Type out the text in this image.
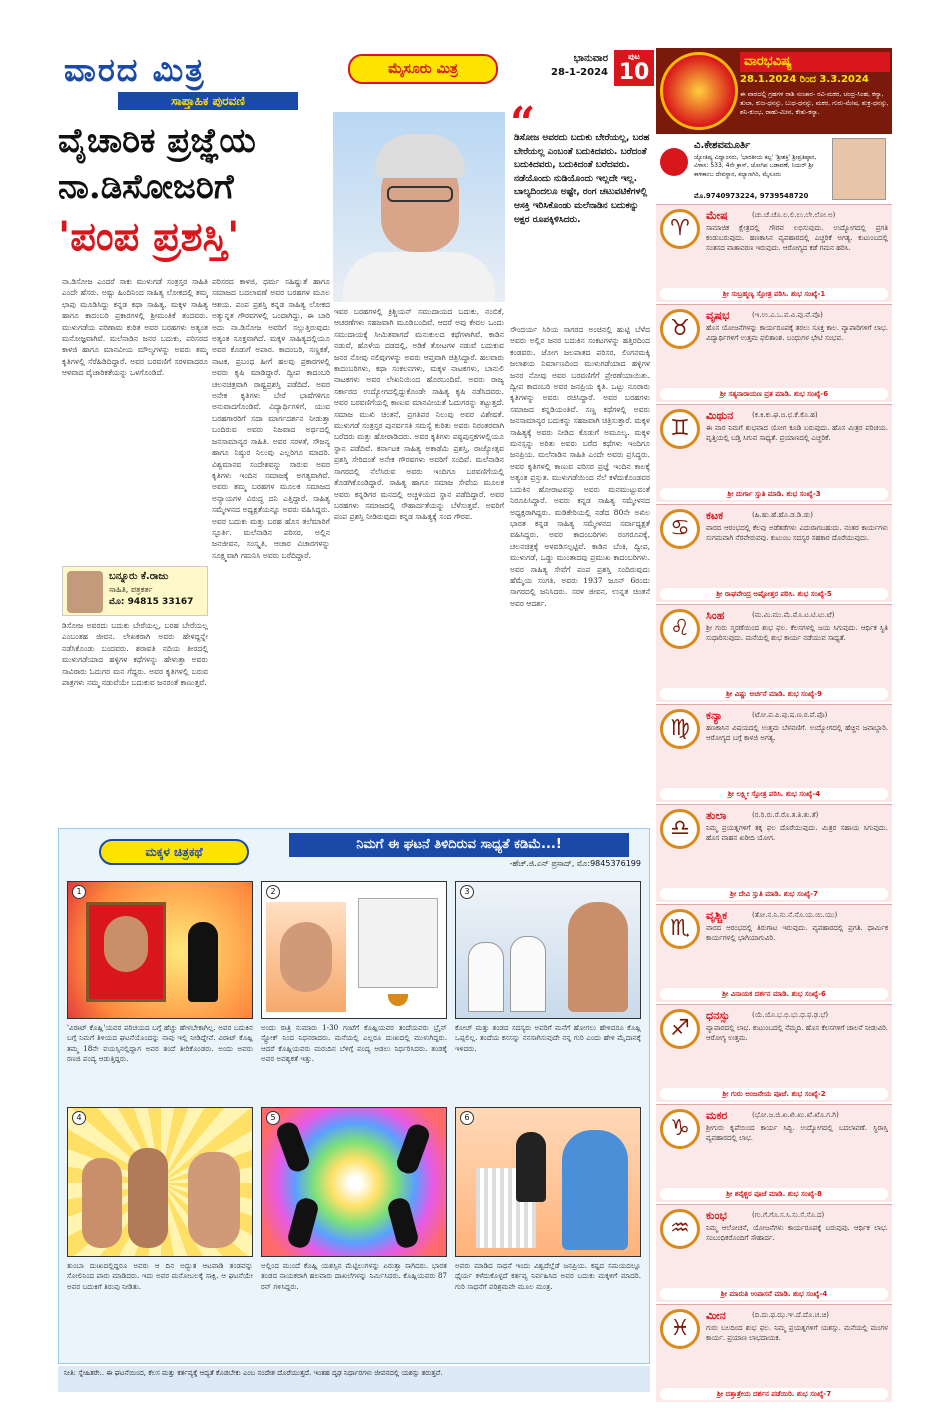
ವಾರದ ಮಿತ್ರ
ಸಾಪ್ತಾಹಿಕ ಪುರವಣಿ
ಮೈಸೂರು ಮಿತ್ರ
ಭಾನುವಾರ
28-1-2024
ಪುಟ
10
ವೈಚಾರಿಕ ಪ್ರಜ್ಞೆಯ
ನಾ.ಡಿಸೋಜರಿಗೆ
'ಪಂಪ ಪ್ರಶಸ್ತಿ'
“
ಡಿಸೋಜ ಅವರದು ಬದುಕು ಬೇರೆಯಲ್ಲ, ಬರಹ ಬೇರೆಯಲ್ಲ ಎಂಬಂತೆ ಬದುಕಿದವರು. ಬರೆದಂತೆ ಬದುಕಿದವರು, ಬದುಕಿದಂತೆ ಬರೆದವರು. ನಡೆಯೊಂದು ನುಡಿಯೊಂದು ಇಲ್ಲದೇ ಇಲ್ಲ. ಬಾಲ್ಯದಿಂದಲೂ ಅಷ್ಟೇ, ರಂಗ ಚಟುವಟಿಕೆಗಳಲ್ಲಿ ಆಸಕ್ತಿ ಇರಿಸಿಕೊಂಡು ಮಲೆನಾಡಿನ ಬದುಕನ್ನು ಅಕ್ಷರ ರೂಪಕ್ಕಿಳಿಸಿದರು.
ನಾ.ಡಿಸೋಜ ಎಂದರೆ ಸಾಕು ಮುಳುಗಡೆ ಸಂತ್ರಸ್ತರ ಸಾಹಿತಿ ಎಂದೇ ಹೆಸರು. ಅಷ್ಟು ಹಿಂದಿನಿಂದ ಸಾಹಿತ್ಯ ಲೋಕದಲ್ಲಿ ತಮ್ಮ ಛಾಪು ಮೂಡಿಸಿದ್ದು ಕನ್ನಡ ಕಥಾ ಸಾಹಿತ್ಯ, ಮಕ್ಕಳ ಸಾಹಿತ್ಯ ಹಾಗೂ ಕಾದಂಬರಿ ಪ್ರಕಾರಗಳಲ್ಲಿ ಶ್ರೀಮಂತಿಕೆ ತಂದವರು. ಮುಳುಗಡೆಯ ಪರಿಣಾಮ ಕುರಿತ ಅವರ ಬರಹಗಳು ಅತ್ಯಂತ ಮನೋಜ್ಞವಾಗಿವೆ. ಮಲೆನಾಡಿನ ಜನರ ಬದುಕು, ಪರಿಸರದ ಕಾಳಜಿ ಹಾಗೂ ಮಾನವೀಯ ಮೌಲ್ಯಗಳನ್ನು ಅವರು ತಮ್ಮ ಕೃತಿಗಳಲ್ಲಿ ಸೆರೆಹಿಡಿದಿದ್ದಾರೆ. ಅವರ ಬರವಣಿಗೆ ಸರಳವಾದರೂ ಆಳವಾದ ವೈಚಾರಿಕತೆಯನ್ನು ಒಳಗೊಂಡಿದೆ.
ಬನ್ನೂರು ಕೆ.ರಾಜು
ಸಾಹಿತಿ, ಪತ್ರಕರ್ತ
ಮೊ: 94815 33167
ಡಿಸೋಜ ಅವರದು ಬದುಕು ಬೇರೆಯಲ್ಲ, ಬರಹ ಬೇರೆಯಲ್ಲ ಎಂಬಂತಹ ಜೀವನ. ಲೇಖಕರಾಗಿ ಅವರು ಹೇಳಿದ್ದನ್ನೇ ನಡೆಸಿಕೊಂಡು ಬಂದವರು. ಶರಾವತಿ ನದಿಯ ತೀರದಲ್ಲಿ ಮುಳುಗಡೆಯಾದ ಹಳ್ಳಿಗಳ ಕಥೆಗಳನ್ನು ಹೇಳುತ್ತಾ ಅವರು ಸಾವಿರಾರು ಓದುಗರ ಮನ ಗೆದ್ದರು. ಅವರ ಕೃತಿಗಳಲ್ಲಿ ಬರುವ ಪಾತ್ರಗಳು ನಮ್ಮ ನಡುವೆಯೇ ಬದುಕುವ ಜನರಂತೆ ಕಾಣುತ್ತವೆ.
ಪರಿಸರದ ಕಾಳಜಿ, ಧರ್ಮ ಸಹಿಷ್ಣುತೆ ಹಾಗೂ ಸಮಾಜದ ಬದಲಾವಣೆ ಅವರ ಬರಹಗಳ ಮೂಲ ಆಶಯ. ಪಂಪ ಪ್ರಶಸ್ತಿ ಕನ್ನಡ ಸಾಹಿತ್ಯ ಲೋಕದ ಅತ್ಯುನ್ನತ ಗೌರವಗಳಲ್ಲಿ ಒಂದಾಗಿದ್ದು, ಈ ಬಾರಿ ಅದು ನಾ.ಡಿಸೋಜ ಅವರಿಗೆ ಸಲ್ಲುತ್ತಿರುವುದು ಅತ್ಯಂತ ಸೂಕ್ತವಾಗಿದೆ. ಮಕ್ಕಳ ಸಾಹಿತ್ಯದಲ್ಲಿಯೂ ಅವರ ಕೊಡುಗೆ ಅಪಾರ. ಕಾದಂಬರಿ, ಸಣ್ಣಕತೆ, ನಾಟಕ, ಪ್ರಬಂಧ ಹೀಗೆ ಹಲವು ಪ್ರಕಾರಗಳಲ್ಲಿ ಅವರು ಕೃಷಿ ಮಾಡಿದ್ದಾರೆ. ದ್ವೀಪ ಕಾದಂಬರಿ ಚಲನಚಿತ್ರವಾಗಿ ರಾಷ್ಟ್ರಪ್ರಶಸ್ತಿ ಪಡೆದಿದೆ. ಅವರ ಅನೇಕ ಕೃತಿಗಳು ಬೇರೆ ಭಾಷೆಗಳಿಗೂ ಅನುವಾದಗೊಂಡಿವೆ. ವಿದ್ಯಾರ್ಥಿಗಳಿಗೆ, ಯುವ ಬರಹಗಾರರಿಗೆ ಸದಾ ಮಾರ್ಗದರ್ಶನ ನೀಡುತ್ತಾ ಬಂದಿರುವ ಅವರು ನಿಜವಾದ ಅರ್ಥದಲ್ಲಿ ಜನಸಾಮಾನ್ಯರ ಸಾಹಿತಿ. ಅವರ ಸರಳತೆ, ಸೌಜನ್ಯ ಹಾಗೂ ನಿಷ್ಠುರ ನಿಲುವು ಎಲ್ಲರಿಗೂ ಮಾದರಿ. ವಿಶ್ವಮಾನವ ಸಂದೇಶವನ್ನು ಸಾರುವ ಅವರ ಕೃತಿಗಳು ಇಂದಿನ ಸಮಾಜಕ್ಕೆ ಅಗತ್ಯವಾಗಿವೆ. ಅವರು ತಮ್ಮ ಬರಹಗಳ ಮೂಲಕ ಸಮಾಜದ ಅನ್ಯಾಯಗಳ ವಿರುದ್ಧ ದನಿ ಎತ್ತಿದ್ದಾರೆ. ಸಾಹಿತ್ಯ ಸಮ್ಮೇಳನದ ಅಧ್ಯಕ್ಷತೆಯನ್ನೂ ಅವರು ವಹಿಸಿದ್ದರು. ಅವರ ಬದುಕು ಮತ್ತು ಬರಹ ಹೊಸ ತಲೆಮಾರಿಗೆ ಸ್ಫೂರ್ತಿ. ಮಲೆನಾಡಿನ ಪರಿಸರ, ಅಲ್ಲಿನ ಜನಜೀವನ, ಸಂಸ್ಕೃತಿ, ಆಚಾರ ವಿಚಾರಗಳನ್ನು ಸೂಕ್ಷ್ಮವಾಗಿ ಗಮನಿಸಿ ಅವರು ಬರೆದಿದ್ದಾರೆ.
ಇವರ ಬರಹಗಳಲ್ಲಿ ಕ್ರಿಶ್ಚಿಯನ್ ಸಮುದಾಯದ ಬದುಕು, ನಂಬಿಕೆ, ಆಚರಣೆಗಳು ಸಹಜವಾಗಿ ಮೂಡಿಬಂದಿವೆ. ಆದರೆ ಅವು ಕೇವಲ ಒಂದು ಸಮುದಾಯಕ್ಕೆ ಸೀಮಿತವಾಗದೆ ಮನುಕುಲದ ಕಥೆಗಳಾಗಿವೆ. ಕಾಡಿನ ನಡುವೆ, ಹೊಳೆಯ ದಡದಲ್ಲಿ, ಅಡಿಕೆ ತೋಟಗಳ ನಡುವೆ ಬದುಕುವ ಜನರ ನೋವು ನಲಿವುಗಳನ್ನು ಅವರು ಆಪ್ತವಾಗಿ ಚಿತ್ರಿಸಿದ್ದಾರೆ. ಹಲವಾರು ಕಾದಂಬರಿಗಳು, ಕಥಾ ಸಂಕಲನಗಳು, ಮಕ್ಕಳ ನಾಟಕಗಳು, ಬಾನುಲಿ ನಾಟಕಗಳು ಅವರ ಲೇಖನಿಯಿಂದ ಹೊರಬಂದಿವೆ. ಅವರು ರಾಜ್ಯ ಸರ್ಕಾರದ ಉದ್ಯೋಗದಲ್ಲಿದ್ದುಕೊಂಡೇ ಸಾಹಿತ್ಯ ಕೃಷಿ ನಡೆಸಿದವರು. ಅವರ ಬರವಣಿಗೆಯಲ್ಲಿ ಕಾಣುವ ಮಾನವೀಯತೆ ಓದುಗರನ್ನು ತಟ್ಟುತ್ತದೆ. ಸಮಾಜ ಮುಖಿ ಚಿಂತನೆ, ಪ್ರಗತಿಪರ ನಿಲುವು ಅವರ ವಿಶೇಷತೆ. ಮುಳುಗಡೆ ಸಂತ್ರಸ್ತರ ಪುನರ್ವಸತಿ ಸಮಸ್ಯೆ ಕುರಿತು ಅವರು ನಿರಂತರವಾಗಿ ಬರೆದರು ಮತ್ತು ಹೋರಾಡಿದರು. ಅವರ ಕೃತಿಗಳು ಪಠ್ಯಪುಸ್ತಕಗಳಲ್ಲಿಯೂ ಸ್ಥಾನ ಪಡೆದಿವೆ. ಕರ್ನಾಟಕ ಸಾಹಿತ್ಯ ಅಕಾಡೆಮಿ ಪ್ರಶಸ್ತಿ, ರಾಜ್ಯೋತ್ಸವ ಪ್ರಶಸ್ತಿ ಸೇರಿದಂತೆ ಅನೇಕ ಗೌರವಗಳು ಅವರಿಗೆ ಸಂದಿವೆ. ಮಲೆನಾಡಿನ ಸಾಗರದಲ್ಲಿ ನೆಲೆಸಿರುವ ಅವರು ಇಂದಿಗೂ ಬರವಣಿಗೆಯಲ್ಲಿ ತೊಡಗಿಕೊಂಡಿದ್ದಾರೆ. ಸಾಹಿತ್ಯ ಹಾಗೂ ಸಮಾಜ ಸೇವೆಯ ಮೂಲಕ ಅವರು ಕನ್ನಡಿಗರ ಮನದಲ್ಲಿ ಅಚ್ಚಳಿಯದ ಸ್ಥಾನ ಪಡೆದಿದ್ದಾರೆ. ಅವರ ಬರಹಗಳು ಸಮಾಜದಲ್ಲಿ ಸೌಹಾರ್ದತೆಯನ್ನು ಬೆಳೆಸುತ್ತವೆ. ಅವರಿಗೆ ಪಂಪ ಪ್ರಶಸ್ತಿ ನೀಡಿರುವುದು ಕನ್ನಡ ಸಾಹಿತ್ಯಕ್ಕೆ ಸಂದ ಗೌರವ.
ಸೌಂದರ್ಯ ಸಿರಿಯ ಸಾಗರದ ಅಂಚಿನಲ್ಲಿ ಹುಟ್ಟಿ ಬೆಳೆದ ಅವರು ಅಲ್ಲಿನ ಜನರ ಬದುಕಿನ ಸಂಕಟಗಳನ್ನು ಹತ್ತಿರದಿಂದ ಕಂಡವರು. ಜೋಗ ಜಲಪಾತದ ಪರಿಸರ, ಲಿಂಗನಮಕ್ಕಿ ಜಲಾಶಯ ನಿರ್ಮಾಣದಿಂದ ಮುಳುಗಡೆಯಾದ ಹಳ್ಳಿಗಳ ಜನರ ನೋವು ಅವರ ಬರವಣಿಗೆಗೆ ಪ್ರೇರಣೆಯಾಯಿತು. ದ್ವೀಪ ಕಾದಂಬರಿ ಅವರ ಜನಪ್ರಿಯ ಕೃತಿ. ಒಟ್ಟು ನೂರಾರು ಕೃತಿಗಳನ್ನು ಅವರು ರಚಿಸಿದ್ದಾರೆ. ಅವರ ಬರಹಗಳು ಸಮಾಜದ ಕನ್ನಡಿಯಂತಿವೆ. ಸಣ್ಣ ಕಥೆಗಳಲ್ಲಿ ಅವರು ಜನಸಾಮಾನ್ಯರ ಬದುಕನ್ನು ಸಹಜವಾಗಿ ಚಿತ್ರಿಸುತ್ತಾರೆ. ಮಕ್ಕಳ ಸಾಹಿತ್ಯಕ್ಕೆ ಅವರು ನೀಡಿದ ಕೊಡುಗೆ ಅಮೂಲ್ಯ. ಮಕ್ಕಳ ಮನಸ್ಸನ್ನು ಅರಿತು ಅವರು ಬರೆದ ಕಥೆಗಳು ಇಂದಿಗೂ ಜನಪ್ರಿಯ. ಮಲೆನಾಡಿನ ಸಾಹಿತಿ ಎಂದೇ ಅವರು ಪ್ರಸಿದ್ಧರು. ಅವರ ಕೃತಿಗಳಲ್ಲಿ ಕಾಣುವ ಪರಿಸರ ಪ್ರಜ್ಞೆ ಇಂದಿನ ಕಾಲಕ್ಕೆ ಅತ್ಯಂತ ಪ್ರಸ್ತುತ. ಮುಳುಗಡೆಯಿಂದ ನೆಲೆ ಕಳೆದುಕೊಂಡವರ ಬದುಕಿನ ಹೋರಾಟವನ್ನು ಅವರು ಮನಮುಟ್ಟುವಂತೆ ನಿರೂಪಿಸಿದ್ದಾರೆ. ಅವರು ಕನ್ನಡ ಸಾಹಿತ್ಯ ಸಮ್ಮೇಳನದ ಅಧ್ಯಕ್ಷರಾಗಿದ್ದರು. ಮಡಿಕೇರಿಯಲ್ಲಿ ನಡೆದ 80ನೇ ಅಖಿಲ ಭಾರತ ಕನ್ನಡ ಸಾಹಿತ್ಯ ಸಮ್ಮೇಳನದ ಸರ್ವಾಧ್ಯಕ್ಷತೆ ವಹಿಸಿದ್ದರು. ಅವರ ಕಾದಂಬರಿಗಳು ರಂಗರೂಪಕ್ಕೆ, ಚಲನಚಿತ್ರಕ್ಕೆ ಅಳವಡಿಸಲ್ಪಟ್ಟಿವೆ. ಕಾಡಿನ ಬೆಂಕಿ, ದ್ವೀಪ, ಮುಳುಗಡೆ, ಒಡ್ಡು ಮುಂತಾದವು ಪ್ರಮುಖ ಕಾದಂಬರಿಗಳು. ಅವರ ಸಾಹಿತ್ಯ ಸೇವೆಗೆ ಪಂಪ ಪ್ರಶಸ್ತಿ ಸಂದಿರುವುದು ಹೆಮ್ಮೆಯ ಸಂಗತಿ. ಅವರು 1937 ಜೂನ್ 6ರಂದು ಸಾಗರದಲ್ಲಿ ಜನಿಸಿದರು. ಸರಳ ಜೀವನ, ಉನ್ನತ ಚಿಂತನೆ ಅವರ ಆದರ್ಶ.
ಮಕ್ಕಳ ಚಿತ್ರಕಥೆ	ನಿಮಗೆ ಈ ಘಟನೆ ತಿಳಿದಿರುವ ಸಾಧ್ಯತೆ ಕಡಿಮೆ...!
-ಹೆಚ್.ಜಿ.ಎನ್ ಪ್ರಸಾದ್, ಮೊ:9845376199
1
'ವಿರಾಟ್ ಕೊಹ್ಲಿ'ಯವರ ಪರಿಚಯದ ಬಗ್ಗೆ ಹೆಚ್ಚು ಹೇಳಬೇಕಾಗಿಲ್ಲ. ಅವರ ಬದುಕಿನ ಬಗ್ಗೆ ನಿಮಗೆ ತಿಳಿಯದ ಘಟನೆಯೊಂದನ್ನು ನಾವು ಇಲ್ಲಿ ನೀಡಿದ್ದೇವೆ. ವಿರಾಟ್ ಕೊಹ್ಲಿ ತಮ್ಮ 18ನೇ ವಯಸ್ಸಿನಲ್ಲಿದ್ದಾಗ ಅವರ ತಂದೆ ತೀರಿಕೊಂಡರು. ಅಂದು ಅವರು ರಣಜಿ ಪಂದ್ಯ ಆಡುತ್ತಿದ್ದರು.
2
ಅಂದು ರಾತ್ರಿ ಸುಮಾರು 1-30 ಗಂಟೆಗೆ ಕೊಹ್ಲಿಯವರ ತಂದೆಯವರು ಬ್ರೈನ್ ಸ್ಟ್ರೋಕ್ ನಿಂದ ನಿಧನರಾದರು. ಮನೆಯಲ್ಲಿ ಎಲ್ಲರೂ ದುಃಖದಲ್ಲಿ ಮುಳುಗಿದ್ದರು. ಆದರೆ ಕೊಹ್ಲಿಯವರು ಮರುದಿನ ಬೆಳಿಗ್ಗೆ ಪಂದ್ಯ ಆಡಲು ನಿರ್ಧರಿಸಿದರು. ತಂಡಕ್ಕೆ ಅವರ ಅವಶ್ಯಕತೆ ಇತ್ತು.
3
ಕೋಚ್ ಮತ್ತು ತಂಡದ ಸದಸ್ಯರು ಅವರಿಗೆ ಮನೆಗೆ ಹೋಗಲು ಹೇಳಿದರೂ ಕೊಹ್ಲಿ ಒಪ್ಪಲಿಲ್ಲ. ತಂದೆಯ ಕನಸನ್ನು ನನಸಾಗಿಸುವುದೇ ನನ್ನ ಗುರಿ ಎಂದು ಹೇಳಿ ಮೈದಾನಕ್ಕೆ ಇಳಿದರು.
4
ತುಂಬಾ ದುಃಖದಲ್ಲಿದ್ದರೂ ಅವರು ಆ ದಿನ ಅದ್ಭುತ ಆಟವಾಡಿ ತಂಡವನ್ನು ಸೋಲಿನಿಂದ ಪಾರು ಮಾಡಿದರು. ಇದು ಅವರ ಮನೋಬಲಕ್ಕೆ ಸಾಕ್ಷಿ. ಆ ಘಟನೆಯೇ ಅವರ ಬದುಕಿಗೆ ತಿರುವು ನೀಡಿತು.
5
ಅಲ್ಲಿಂದ ಮುಂದೆ ಕೊಹ್ಲಿ ಯಶಸ್ಸಿನ ಮೆಟ್ಟಿಲುಗಳನ್ನು ಏರುತ್ತಾ ಸಾಗಿದರು. ಭಾರತ ತಂಡದ ನಾಯಕರಾಗಿ ಹಲವಾರು ದಾಖಲೆಗಳನ್ನು ನಿರ್ಮಿಸಿದರು. ಕೊಹ್ಲಿಯವರು 87 ರನ್ ಗಳಿಸಿದ್ದರು.
6
ಅವರು ಮಾಡಿದ ಸಾಧನೆ ಇಂದು ವಿಶ್ವದೆಲ್ಲೆಡೆ ಜನಪ್ರಿಯ. ಕಷ್ಟದ ಸಮಯದಲ್ಲೂ ಧೈರ್ಯ ಕಳೆದುಕೊಳ್ಳದೆ ಕರ್ತವ್ಯ ನಿರ್ವಹಿಸಿದ ಅವರ ಬದುಕು ಮಕ್ಕಳಿಗೆ ಮಾದರಿ. ಗುರಿ ಸಾಧನೆಗೆ ಪರಿಶ್ರಮವೇ ಮೂಲ ಮಂತ್ರ.
ನೀತಿ: ಸ್ನೇಹಿತರೇ.. ಈ ಘಟನೆಯಿಂದ, ಕೆಲಸ ಮತ್ತು ಕರ್ತವ್ಯಕ್ಕೆ ಆದ್ಯತೆ ಕೊಡಬೇಕು ಎಂಬ ಸಂದೇಶ ದೊರೆಯುತ್ತದೆ. ಇಂತಹ ದೃಢ ನಿರ್ಧಾರಗಳು ಜೀವನದಲ್ಲಿ ಯಶಸ್ಸು ತರುತ್ತವೆ.
ವಾರಭವಿಷ್ಯ
28.1.2024 ರಿಂದ 3.3.2024
ಈ ವಾರದಲ್ಲಿ ಗ್ರಹಗಳ ರಾಶಿ ಸಂಚಾರ- ರವಿ-ಮಕರ, ಚಂದ್ರ-ಸಿಂಹ, ಕನ್ಯಾ, ತುಲಾ, ಕುಜ-ಧನಸ್ಸು, ಬುಧ-ಧನಸ್ಸು, ಮಕರ, ಗುರು-ಮೇಷ, ಶುಕ್ರ-ಧನಸ್ಸು, ಶನಿ-ಕುಂಭ, ರಾಹು-ಮೀನ, ಕೇತು-ಕನ್ಯಾ.
ವಿ.ಕೇಶವಮೂರ್ತಿ
ಜ್ಯೋತಿಷ್ಯ ವಿದ್ವಾಂಸರು, 'ಭಾರತೀಯ ಕಲ್ಪ' 'ಶ್ರೀಶಕ್ತಿ' ಶ್ರೀಪ್ರತಿಷ್ಠಾನ, ವಿಳಾಸ: 533, 4ನೇ ಕ್ರಾಸ್, ಜೋಗಿಪ ಬಡಾವಣೆ, ನಿಯರ್ ಶ್ರೀ ಕಾಳಿಕಾಂಬ ದೇವಸ್ಥಾನ, ಕಲ್ಯಾಣಗಿರಿ, ಮೈಸೂರು
ಮೊ.9740973224, 9739548720
♈
ಮೇಷ	(ಚು.ಚೆ.ಚೊ.ಲ.ಲಿ.ಲು.ಲೇ.ಲೋ.ಅ)
ಸಾಮಾಜಿಕ ಕ್ಷೇತ್ರದಲ್ಲಿ ಗೌರವ ಲಭಿಸುವುದು. ಉದ್ಯೋಗದಲ್ಲಿ ಪ್ರಗತಿ ಕಂಡುಬರುವುದು. ಹಣಕಾಸಿನ ವ್ಯವಹಾರದಲ್ಲಿ ಎಚ್ಚರಿಕೆ ಅಗತ್ಯ. ಕುಟುಂಬದಲ್ಲಿ ಸಂತಸದ ವಾತಾವರಣ ಇರುವುದು. ಆರೋಗ್ಯದ ಕಡೆ ಗಮನ ಹರಿಸಿ.
ಶ್ರೀ ಸುಬ್ರಹ್ಮಣ್ಯ ಸ್ತೋತ್ರ ಪಠಿಸಿ. ಶುಭ ಸಂಖ್ಯೆ-1
♉
ವೃಷಭ	(ಇ.ಉ.ಎ.ಒ.ವ.ವಿ.ವು.ವೆ.ವೊ)
ಹೊಸ ಯೋಜನೆಗಳನ್ನು ಕಾರ್ಯರೂಪಕ್ಕೆ ತರಲು ಸೂಕ್ತ ಕಾಲ. ವ್ಯಾಪಾರಿಗಳಿಗೆ ಲಾಭ. ವಿದ್ಯಾರ್ಥಿಗಳಿಗೆ ಉತ್ತಮ ಫಲಿತಾಂಶ. ಬಂಧುಗಳ ಭೇಟಿ ಸಂಭವ.
ಶ್ರೀ ಸತ್ಯನಾರಾಯಣ ವ್ರತ ಮಾಡಿ. ಶುಭ ಸಂಖ್ಯೆ-6
♊
ಮಿಥುನ	(ಕ.ಕಿ.ಕು.ಘ.ಙ.ಛ.ಕೆ.ಕೊ.ಹ)
ಈ ವಾರ ನಿಮಗೆ ಶುಭವಾದ ಯೋಗ ಕೂಡಿ ಬರುವುದು. ಹೊಸ ಮಿತ್ರರ ಪರಿಚಯ. ವೃತ್ತಿಯಲ್ಲಿ ಬಡ್ತಿ ಸಿಗುವ ಸಾಧ್ಯತೆ. ಪ್ರಯಾಣದಲ್ಲಿ ಎಚ್ಚರಿಕೆ.
ಶ್ರೀ ದುರ್ಗಾ ಸ್ತುತಿ ಮಾಡಿ. ಶುಭ ಸಂಖ್ಯೆ-3
♋
ಕಟಕ	(ಹಿ.ಹು.ಹೆ.ಹೊ.ಡ.ಡಿ.ಡು)
ವಾರದ ಆರಂಭದಲ್ಲಿ ಕೆಲವು ಅಡೆತಡೆಗಳು ಎದುರಾಗಬಹುದು. ನಂತರ ಕಾರ್ಯಗಳು ಸುಗಮವಾಗಿ ನೆರವೇರುವವು. ಕುಟುಂಬ ಸದಸ್ಯರ ಸಹಕಾರ ದೊರೆಯುವುದು.
ಶ್ರೀ ರಾಘವೇಂದ್ರ ಅಷ್ಟೋತ್ತರ ಪಠಿಸಿ. ಶುಭ ಸಂಖ್ಯೆ-5
♌
ಸಿಂಹ	(ಮ.ಮಿ.ಮು.ಮೆ.ಮೊ.ಟ.ಟಿ.ಟು.ಟೆ)
ಶ್ರೀ ಗುರು ಸ್ಮರಣೆಯಿಂದ ಶುಭ ಫಲ. ಕೆಲಸಗಳಲ್ಲಿ ಜಯ ಸಿಗುವುದು. ಆರ್ಥಿಕ ಸ್ಥಿತಿ ಸುಧಾರಿಸುವುದು. ಮನೆಯಲ್ಲಿ ಶುಭ ಕಾರ್ಯ ನಡೆಯುವ ಸಾಧ್ಯತೆ.
ಶ್ರೀ ವಿಷ್ಣು ಅರ್ಚನೆ ಮಾಡಿ. ಶುಭ ಸಂಖ್ಯೆ-9
♍
ಕನ್ಯಾ	(ಟೋ.ಪ.ಪಿ.ಪು.ಷ.ಣ.ಠ.ಪೆ.ಪೊ)
ಹಣಕಾಸಿನ ವಿಷಯದಲ್ಲಿ ಉತ್ತಮ ಬೆಳವಣಿಗೆ. ಉದ್ಯೋಗದಲ್ಲಿ ಹೆಚ್ಚಿನ ಜವಾಬ್ದಾರಿ. ಆರೋಗ್ಯದ ಬಗ್ಗೆ ಕಾಳಜಿ ಅಗತ್ಯ.
ಶ್ರೀ ಲಕ್ಷ್ಮೀ ಸ್ತೋತ್ರ ಪಠಿಸಿ. ಶುಭ ಸಂಖ್ಯೆ-4
♎
ತುಲಾ	(ರ.ರಿ.ರು.ರೆ.ರೊ.ತ.ತಿ.ತು.ತೆ)
ನಿಮ್ಮ ಪ್ರಯತ್ನಗಳಿಗೆ ತಕ್ಕ ಫಲ ದೊರೆಯುವುದು. ಮಿತ್ರರ ಸಹಾಯ ಸಿಗುವುದು. ಹೊಸ ವಾಹನ ಖರೀದಿ ಯೋಗ.
ಶ್ರೀ ದೇವಿ ಸ್ತುತಿ ಮಾಡಿ. ಶುಭ ಸಂಖ್ಯೆ-7
♏
ವೃಶ್ಚಿಕ	(ತೋ.ನ.ನಿ.ನು.ನೆ.ನೊ.ಯ.ಯಿ.ಯು)
ವಾರದ ಆರಂಭದಲ್ಲಿ ತಿರುಗಾಟ ಇರುವುದು. ವ್ಯವಹಾರದಲ್ಲಿ ಪ್ರಗತಿ. ಧಾರ್ಮಿಕ ಕಾರ್ಯಗಳಲ್ಲಿ ಭಾಗಿಯಾಗುವಿರಿ.
ಶ್ರೀ ವಿನಾಯಕ ದರ್ಶನ ಮಾಡಿ. ಶುಭ ಸಂಖ್ಯೆ-6
♐
ಧನಸ್ಸು	(ಯೆ.ಯೊ.ಭ.ಭಿ.ಭು.ಧ.ಫ.ಢ.ಭೆ)
ವ್ಯಾಪಾರದಲ್ಲಿ ಲಾಭ. ಕುಟುಂಬದಲ್ಲಿ ನೆಮ್ಮದಿ. ಹೊಸ ಕೆಲಸಗಳಿಗೆ ಚಾಲನೆ ನೀಡುವಿರಿ. ಆರೋಗ್ಯ ಉತ್ತಮ.
ಶ್ರೀ ಗುರು ಆಂಜನೇಯ ಪೂಜೆ. ಶುಭ ಸಂಖ್ಯೆ-2
♑
ಮಕರ	(ಭೋ.ಜ.ಜಿ.ಖ.ಖಿ.ಖು.ಖೆ.ಖೊ.ಗ.ಗಿ)
ಶ್ರೀಗುರು ಕೃಪೆಯಿಂದ ಕಾರ್ಯ ಸಿದ್ಧಿ. ಉದ್ಯೋಗದಲ್ಲಿ ಬದಲಾವಣೆ. ಸ್ಥಿರಾಸ್ತಿ ವ್ಯವಹಾರದಲ್ಲಿ ಲಾಭ.
ಶ್ರೀ ಶನೈಶ್ಚರ ಪೂಜೆ ಮಾಡಿ. ಶುಭ ಸಂಖ್ಯೆ-8
♒
ಕುಂಭ	(ಗು.ಗೆ.ಗೊ.ಸ.ಸಿ.ಸು.ಸೆ.ಸೊ.ದ)
ನಿಮ್ಮ ಆಲೋಚನೆ, ಯೋಜನೆಗಳು ಕಾರ್ಯರೂಪಕ್ಕೆ ಬರುವುವು. ಆರ್ಥಿಕ ಲಾಭ. ಸಂಬಂಧಿಕರೊಂದಿಗೆ ಸೌಹಾರ್ದ.
ಶ್ರೀ ಮಾರುತಿ ಉಪಾಸನೆ ಮಾಡಿ. ಶುಭ ಸಂಖ್ಯೆ-4
♓
ಮೀನ	(ದಿ.ದು.ಥ.ಝ.ಞ.ದೆ.ದೊ.ಚ.ಚಿ)
ಗುರು ಬಲದಿಂದ ಶುಭ ಫಲ. ನಿಮ್ಮ ಪ್ರಯತ್ನಗಳಿಗೆ ಯಶಸ್ಸು. ಮನೆಯಲ್ಲಿ ಮಂಗಳ ಕಾರ್ಯ. ಪ್ರಯಾಣ ಲಾಭದಾಯಕ.
ಶ್ರೀ ದತ್ತಾತ್ರೇಯ ದರ್ಶನ ಪಡೆಯಿರಿ. ಶುಭ ಸಂಖ್ಯೆ-7
